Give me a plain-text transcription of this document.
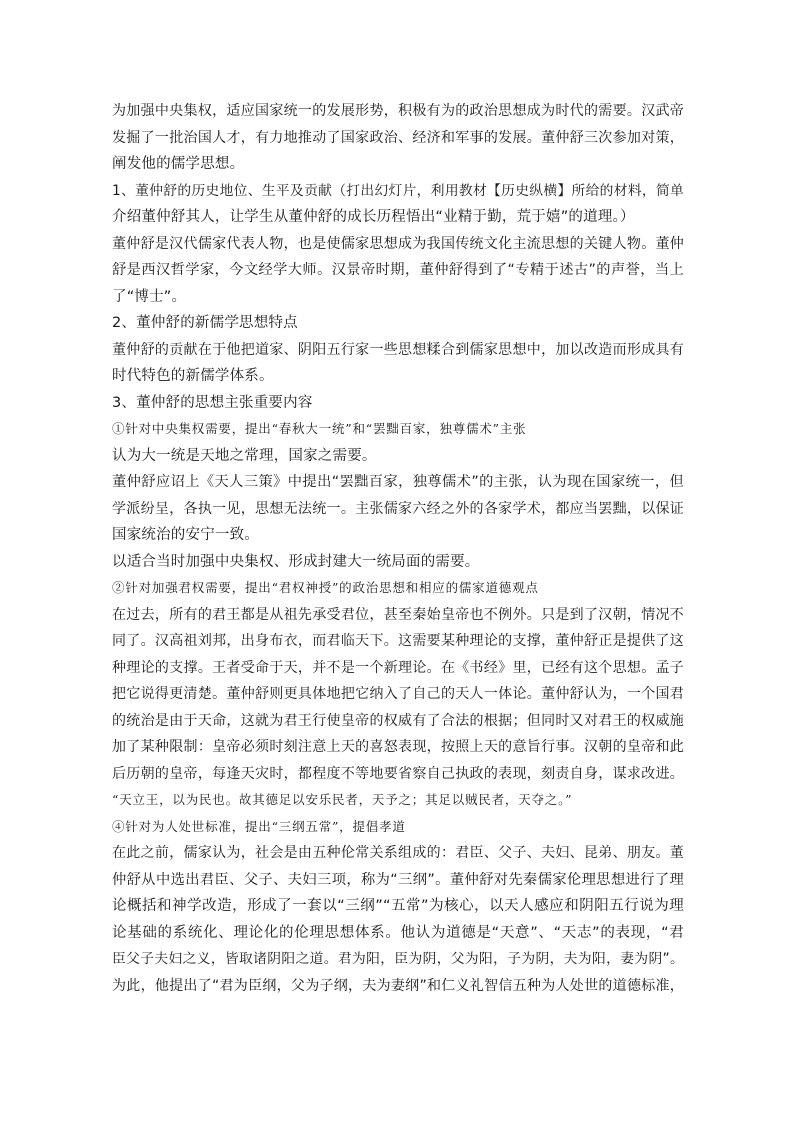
为加强中央集权，适应国家统一的发展形势，积极有为的政治思想成为时代的需要。汉武帝
发掘了一批治国人才，有力地推动了国家政治、经济和军事的发展。董仲舒三次参加对策，
阐发他的儒学思想。
1、董仲舒的历史地位、生平及贡献（打出幻灯片，利用教材【历史纵横】所给的材料，简单
介绍董仲舒其人，让学生从董仲舒的成长历程悟出“业精于勤，荒于嬉”的道理。）
董仲舒是汉代儒家代表人物，也是使儒家思想成为我国传统文化主流思想的关键人物。董仲
舒是西汉哲学家，今文经学大师。汉景帝时期，董仲舒得到了“专精于述古”的声誉，当上
了“博士”。
2、董仲舒的新儒学思想特点
董仲舒的贡献在于他把道家、阴阳五行家一些思想糅合到儒家思想中，加以改造而形成具有
时代特色的新儒学体系。
3、董仲舒的思想主张重要内容
①针对中央集权需要，提出“春秋大一统”和“罢黜百家，独尊儒术”主张
认为大一统是天地之常理，国家之需要。
董仲舒应诏上《天人三策》中提出“罢黜百家，独尊儒术”的主张，认为现在国家统一，但
学派纷呈，各执一见，思想无法统一。主张儒家六经之外的各家学术，都应当罢黜，以保证
国家统治的安宁一致。
以适合当时加强中央集权、形成封建大一统局面的需要。
②针对加强君权需要，提出“君权神授”的政治思想和相应的儒家道德观点
在过去，所有的君王都是从祖先承受君位，甚至秦始皇帝也不例外。只是到了汉朝，情况不
同了。汉高祖刘邦，出身布衣，而君临天下。这需要某种理论的支撑，董仲舒正是提供了这
种理论的支撑。王者受命于天，并不是一个新理论。在《书经》里，已经有这个思想。孟子
把它说得更清楚。董仲舒则更具体地把它纳入了自己的天人一体论。董仲舒认为，一个国君
的统治是由于天命，这就为君王行使皇帝的权威有了合法的根据；但同时又对君王的权威施
加了某种限制：皇帝必须时刻注意上天的喜怒表现，按照上天的意旨行事。汉朝的皇帝和此
后历朝的皇帝，每逢天灾时，都程度不等地要省察自己执政的表现，刻责自身，谋求改进。
“天立王，以为民也。故其德足以安乐民者，天予之；其足以贼民者，天夺之。”
④针对为人处世标准，提出“三纲五常”，提倡孝道
在此之前，儒家认为，社会是由五种伦常关系组成的：君臣、父子、夫妇、昆弟、朋友。董
仲舒从中选出君臣、父子、夫妇三项，称为“三纲”。董仲舒对先秦儒家伦理思想进行了理
论概括和神学改造，形成了一套以“三纲”“五常”为核心，以天人感应和阴阳五行说为理
论基础的系统化、理论化的伦理思想体系。他认为道德是“天意”、“天志”的表现，“君
臣父子夫妇之义，皆取诸阴阳之道。君为阳，臣为阴，父为阳，子为阴，夫为阳，妻为阴”。
为此，他提出了“君为臣纲，父为子纲，夫为妻纲”和仁义礼智信五种为人处世的道德标准，
